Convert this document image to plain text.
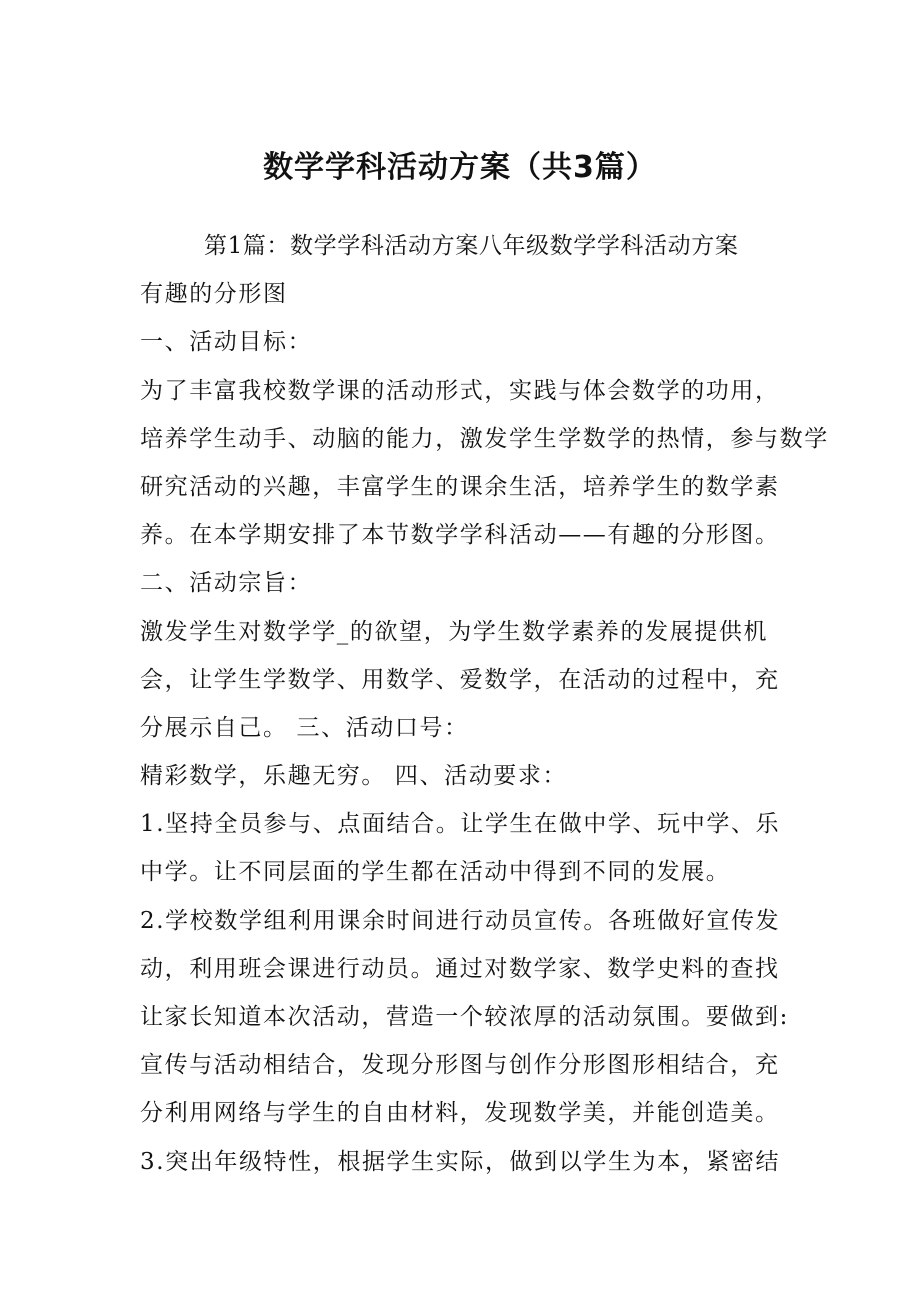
数学学科活动方案（共3篇）
第1篇：数学学科活动方案八年级数学学科活动方案
有趣的分形图
一、活动目标：
为了丰富我校数学课的活动形式，实践与体会数学的功用，
培养学生动手、动脑的能力，激发学生学数学的热情，参与数学
研究活动的兴趣，丰富学生的课余生活，培养学生的数学素
养。在本学期安排了本节数学学科活动——有趣的分形图。
二、活动宗旨：
激发学生对数学学_的欲望，为学生数学素养的发展提供机
会，让学生学数学、用数学、爱数学，在活动的过程中，充
分展示自己。 三、活动口号：
精彩数学，乐趣无穷。 四、活动要求：
1.坚持全员参与、点面结合。让学生在做中学、玩中学、乐
中学。让不同层面的学生都在活动中得到不同的发展。
2.学校数学组利用课余时间进行动员宣传。各班做好宣传发
动，利用班会课进行动员。通过对数学家、数学史料的查找
让家长知道本次活动，营造一个较浓厚的活动氛围。要做到:
宣传与活动相结合，发现分形图与创作分形图形相结合，充
分利用网络与学生的自由材料，发现数学美，并能创造美。
3.突出年级特性，根据学生实际，做到以学生为本，紧密结
